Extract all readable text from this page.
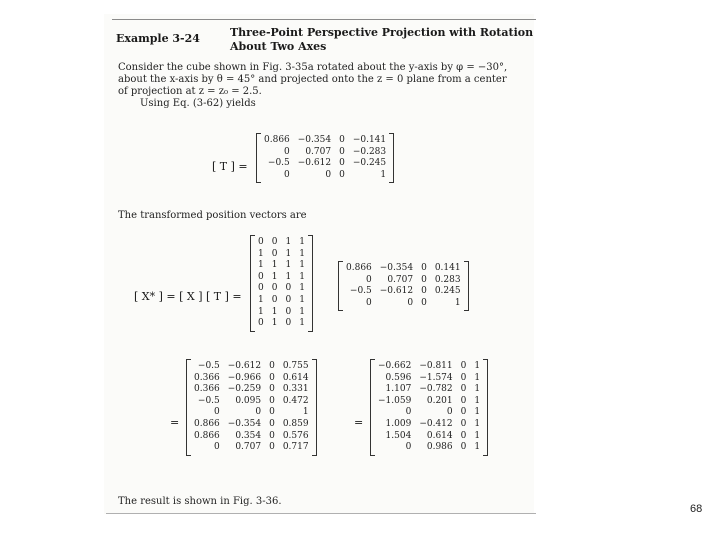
Example 3-24	Three-Point Perspective Projection with Rotation
About Two Axes
Consider the cube shown in Fig. 3-35a rotated about the y-axis by φ = −30°,
about the x-axis by θ = 45° and projected onto the z = 0 plane from a center
of projection at z = z₀ = 2.5.
Using Eq. (3-62) yields
[ T ] =
0.866	−0.354	0	−0.141
0	0.707	0	−0.283
−0.5	−0.612	0	−0.245
0	0	0	1
The transformed position vectors are
[ X* ] = [ X ] [ T ] =
0	0	1	1
1	0	1	1
1	1	1	1
0	1	1	1
0	0	0	1
1	0	0	1
1	1	0	1
0	1	0	1
0.866	−0.354	0	0.141
0	0.707	0	0.283
−0.5	−0.612	0	0.245
0	0	0	1
=
−0.5	−0.612	0	0.755
0.366	−0.966	0	0.614
0.366	−0.259	0	0.331
−0.5	0.095	0	0.472
0	0	0	1
0.866	−0.354	0	0.859
0.866	0.354	0	0.576
0	0.707	0	0.717
=
−0.662	−0.811	0	1
0.596	−1.574	0	1
1.107	−0.782	0	1
−1.059	0.201	0	1
0	0	0	1
1.009	−0.412	0	1
1.504	0.614	0	1
0	0.986	0	1
The result is shown in Fig. 3-36.
68
